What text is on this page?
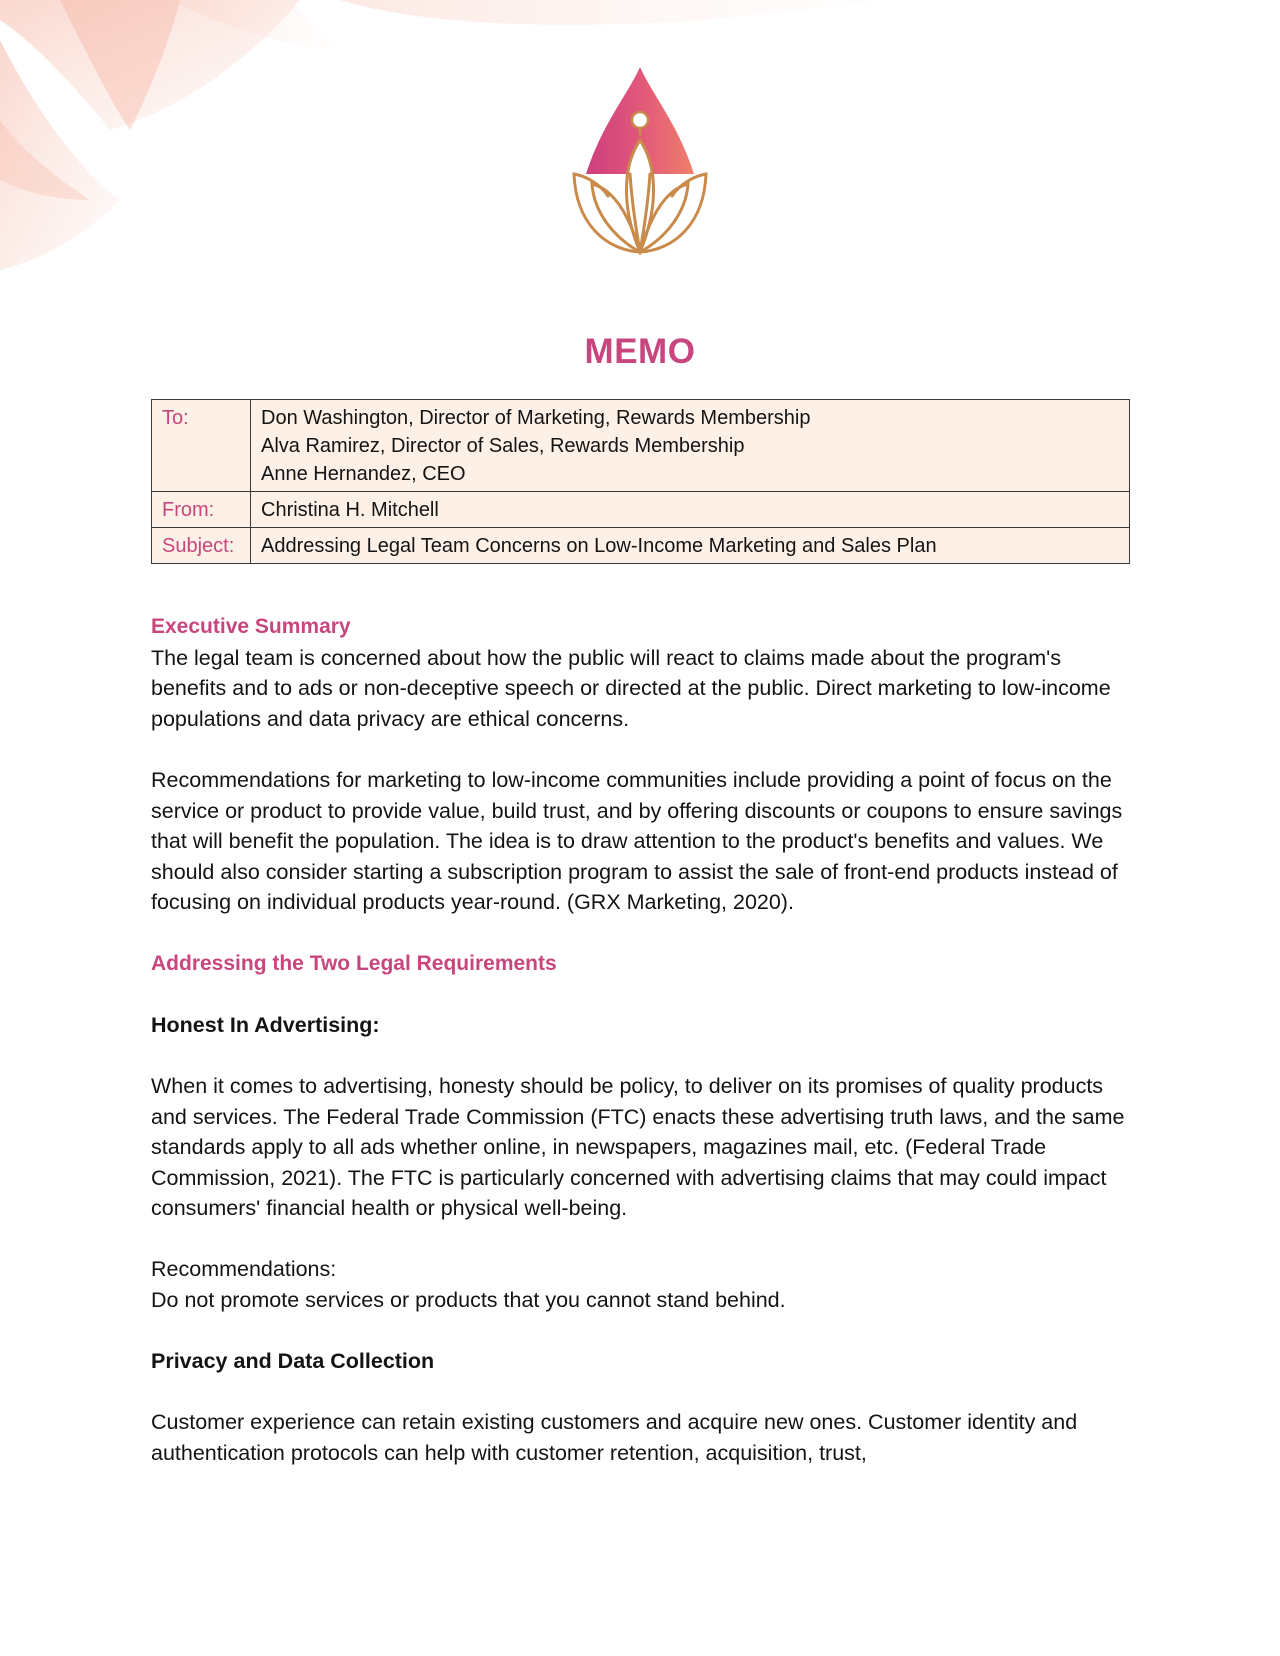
MEMO
To:	Don Washington, Director of Marketing, Rewards Membership
Alva Ramirez, Director of Sales, Rewards Membership
Anne Hernandez, CEO

From:	Christina H. Mitchell
Subject:	Addressing Legal Team Concerns on Low-Income Marketing and Sales Plan

Executive Summary

The legal team is concerned about how the public will react to claims made about the program's benefits and to ads or non-deceptive speech or directed at the public. Direct marketing to low-income populations and data privacy are ethical concerns.

Recommendations for marketing to low-income communities include providing a point of focus on the service or product to provide value, build trust, and by offering discounts or coupons to ensure savings that will benefit the population. The idea is to draw attention to the product's benefits and values. We should also consider starting a subscription program to assist the sale of front-end products instead of focusing on individual products year-round. (GRX Marketing, 2020).

Addressing the Two Legal Requirements

Honest In Advertising:

When it comes to advertising, honesty should be policy, to deliver on its promises of quality products and services. The Federal Trade Commission (FTC) enacts these advertising truth laws, and the same standards apply to all ads whether online, in newspapers, magazines mail, etc. (Federal Trade Commission, 2021). The FTC is particularly concerned with advertising claims that may could impact consumers' financial health or physical well-being.

Recommendations:

Do not promote services or products that you cannot stand behind.

Privacy and Data Collection

Customer experience can retain existing customers and acquire new ones. Customer identity and authentication protocols can help with customer retention, acquisition, trust,
